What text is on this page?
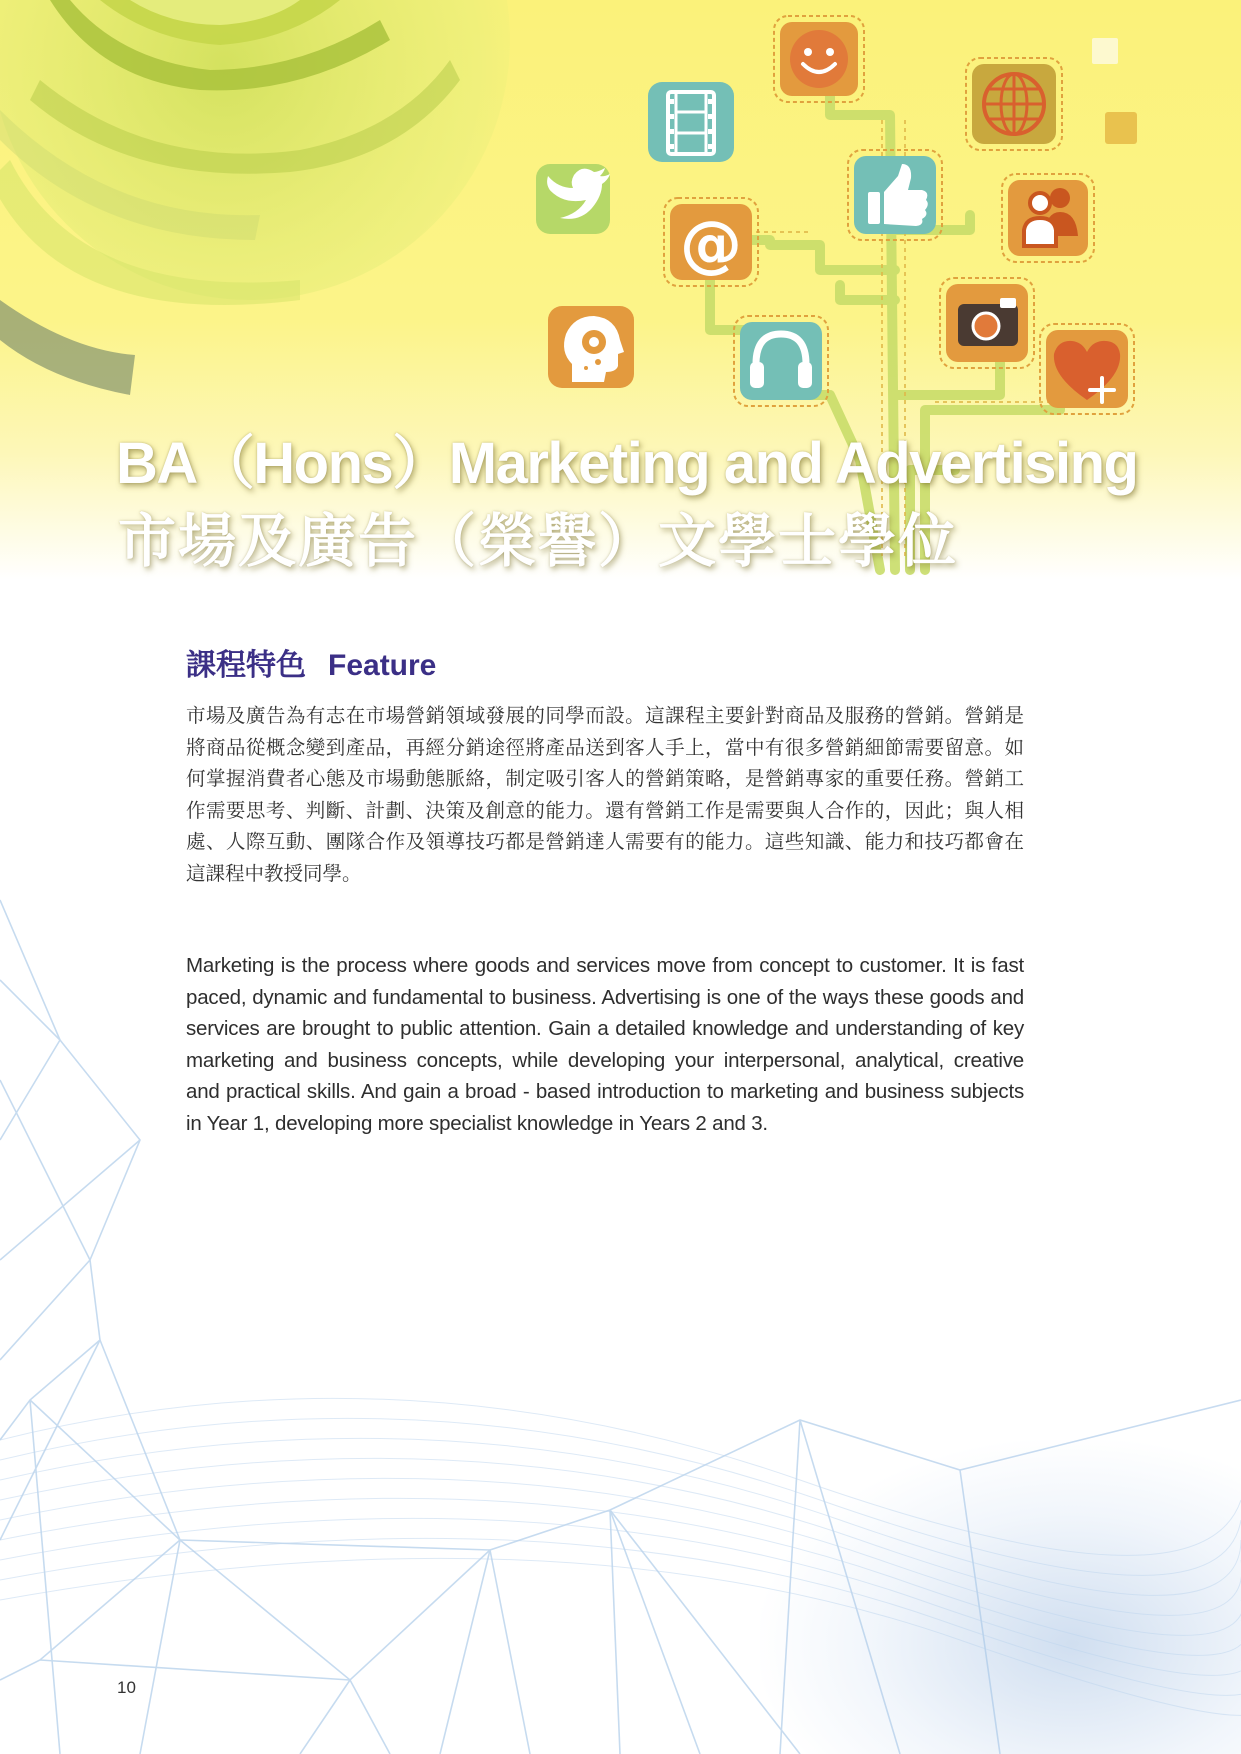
@
BA（Hons）Marketing and Advertising
市場及廣告（榮譽）文學士學位
課程特色 Feature

市場及廣告為有志在市場營銷領域發展的同學而設。這課程主要針對商品及服務的營銷。營銷是將商品從概念變到產品，再經分銷途徑將產品送到客人手上，當中有很多營銷細節需要留意。如何掌握消費者心態及市場動態脈絡，制定吸引客人的營銷策略，是營銷專家的重要任務。營銷工作需要思考、判斷、計劃、決策及創意的能力。還有營銷工作是需要與人合作的，因此；與人相處、人際互動、團隊合作及領導技巧都是營銷達人需要有的能力。這些知識、能力和技巧都會在這課程中教授同學。

Marketing is the process where goods and services move from concept to customer. It is fast paced, dynamic and fundamental to business. Advertising is one of the ways these goods and services are brought to public attention. Gain a detailed knowledge and understanding of key marketing and business concepts, while developing your interpersonal, analytical, creative and practical skills. And gain a broad - based introduction to marketing and business subjects in Year 1, developing more specialist knowledge in Years 2 and 3.

10
